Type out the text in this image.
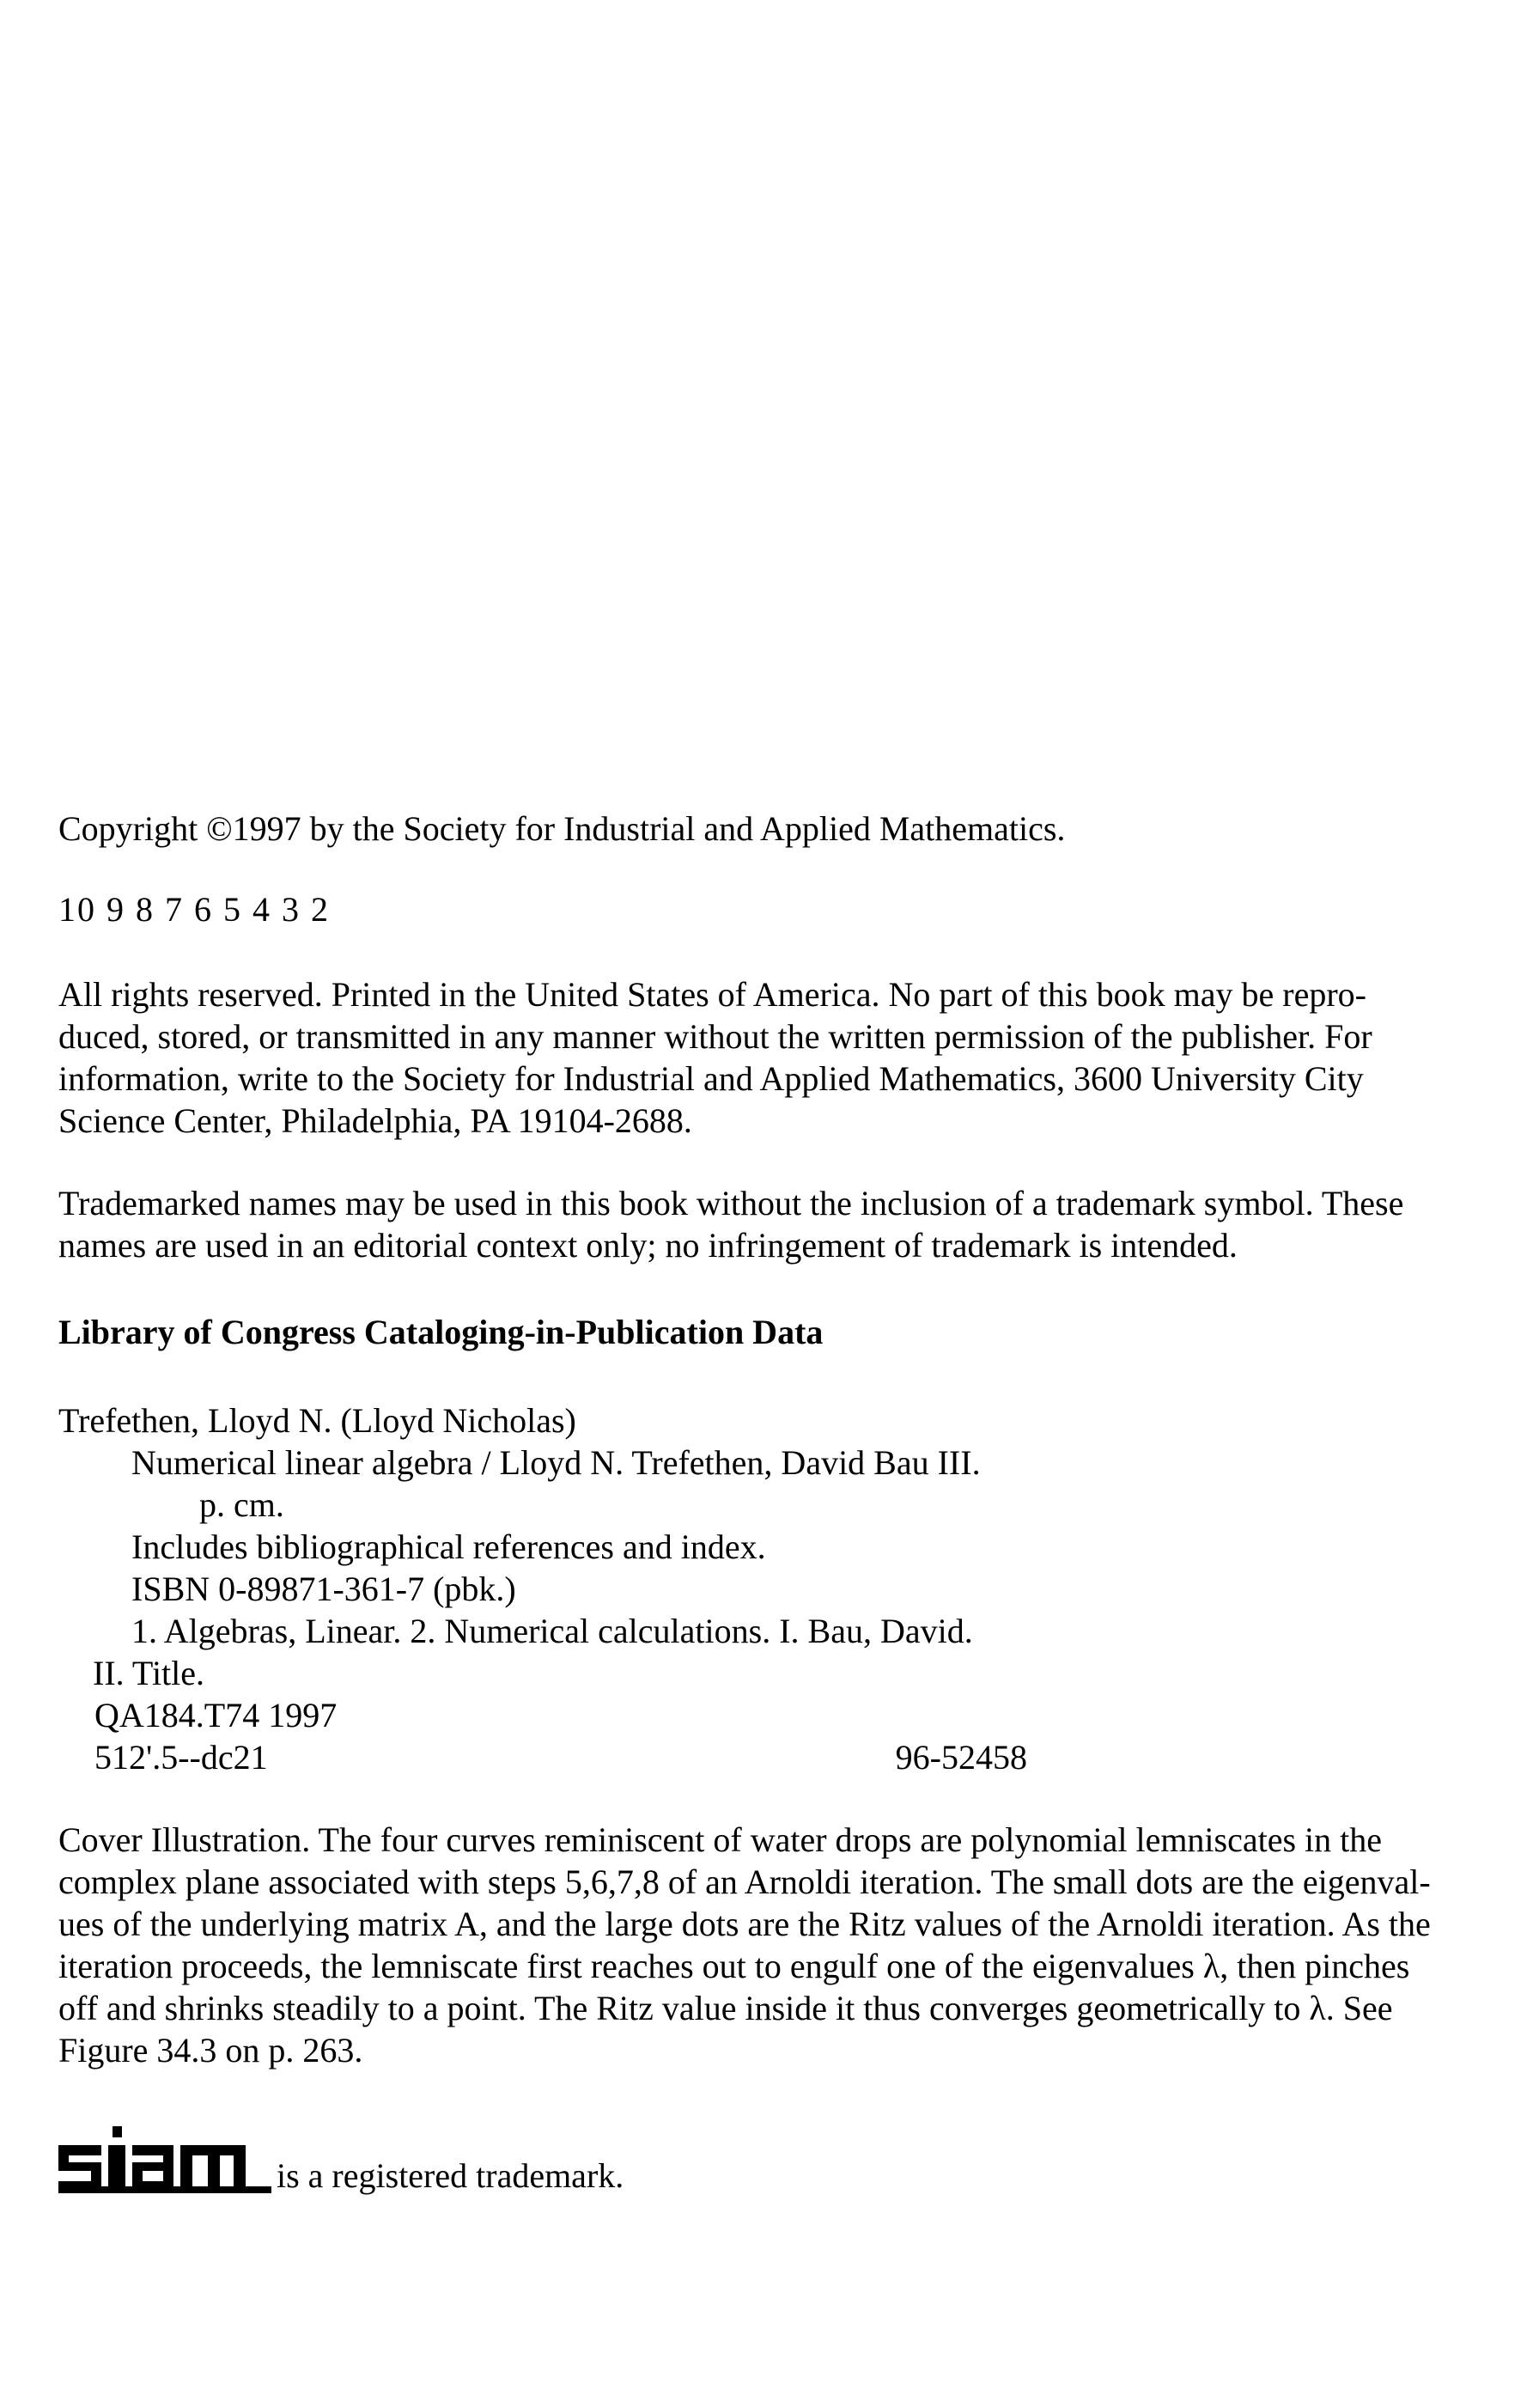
Copyright ©1997 by the Society for Industrial and Applied Mathematics.

10 9 8 7 6 5 4 3 2

All rights reserved. Printed in the United States of America. No part of this book may be repro-
duced, stored, or transmitted in any manner without the written permission of the publisher. For
information, write to the Society for Industrial and Applied Mathematics, 3600 University City
Science Center, Philadelphia, PA 19104-2688.
Trademarked names may be used in this book without the inclusion of a trademark symbol. These
names are used in an editorial context only; no infringement of trademark is intended.

Library of Congress Cataloging-in-Publication Data

Trefethen, Lloyd N. (Lloyd Nicholas)
Numerical linear algebra / Lloyd N. Trefethen, David Bau III.
p. cm.
Includes bibliographical references and index.
ISBN 0-89871-361-7 (pbk.)
1. Algebras, Linear. 2. Numerical calculations. I. Bau, David.
II. Title.
QA184.T74 1997
512'.5--dc21	96-52458
Cover Illustration. The four curves reminiscent of water drops are polynomial lemniscates in the
complex plane associated with steps 5,6,7,8 of an Arnoldi iteration. The small dots are the eigenval-
ues of the underlying matrix A, and the large dots are the Ritz values of the Arnoldi iteration. As the
iteration proceeds, the lemniscate first reaches out to engulf one of the eigenvalues λ, then pinches
off and shrinks steadily to a point. The Ritz value inside it thus converges geometrically to λ. See
Figure 34.3 on p. 263.
is a registered trademark.
